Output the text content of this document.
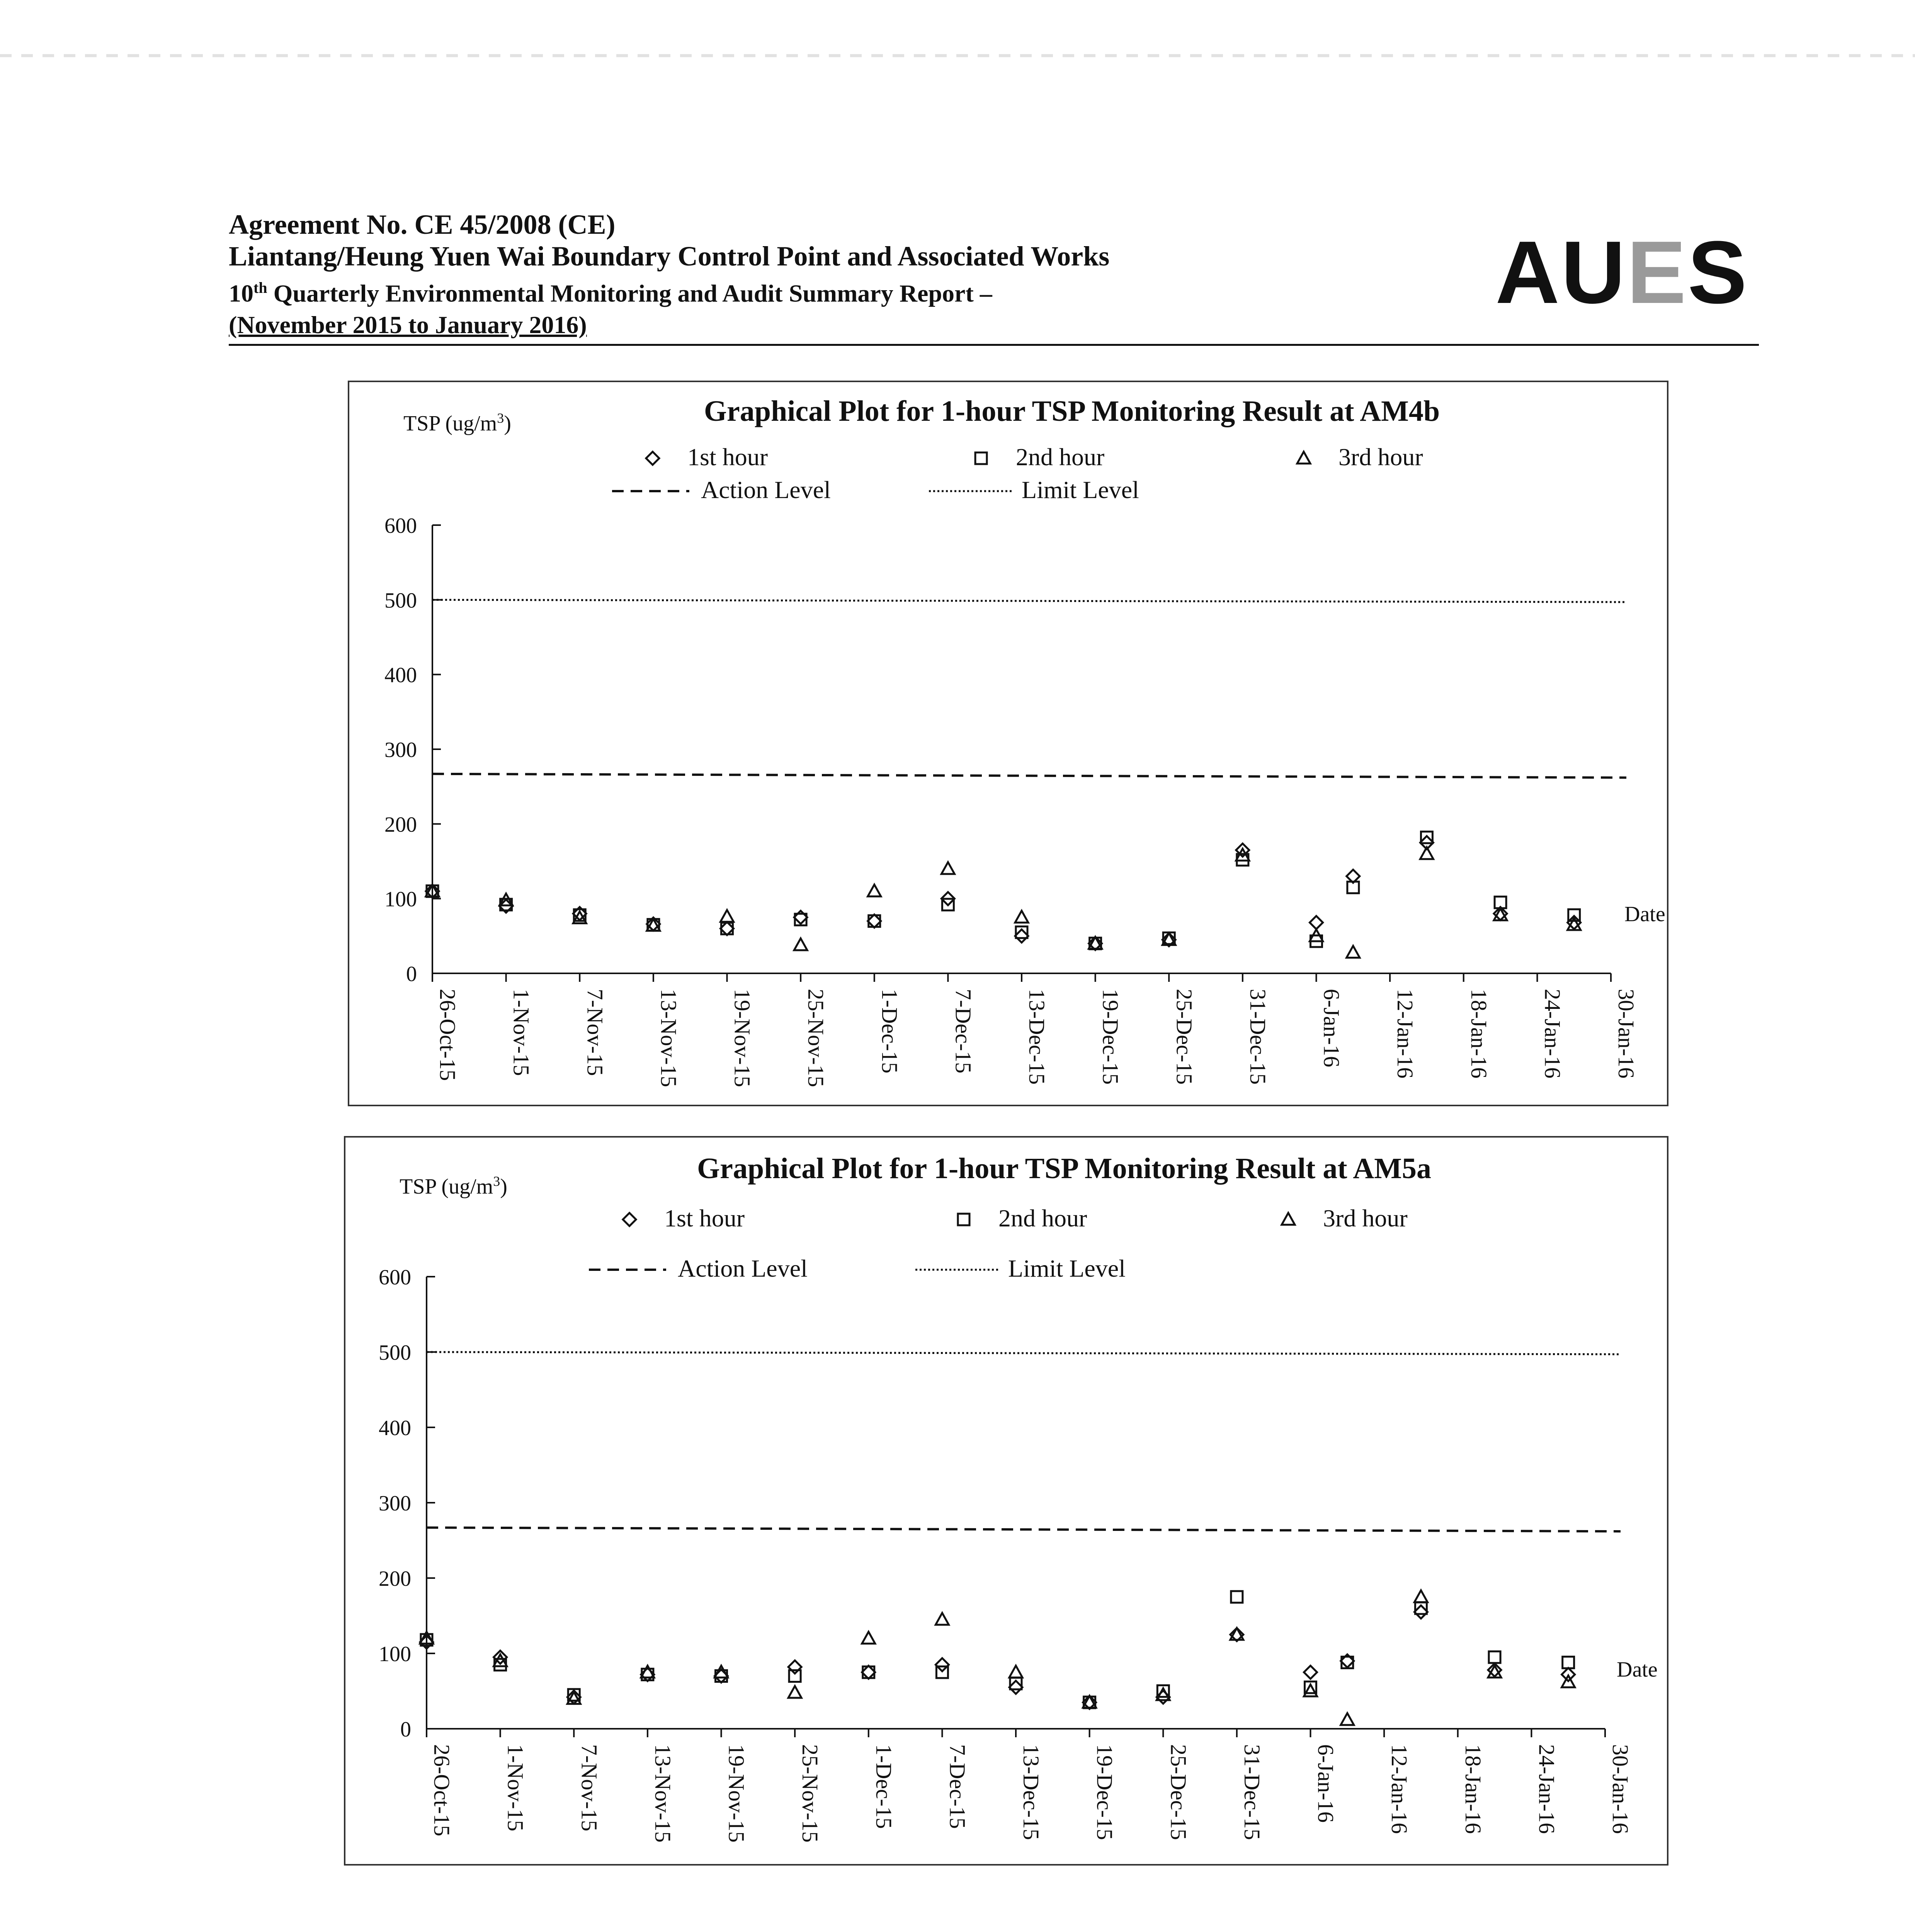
Agreement No. CE 45/2008 (CE)
Liantang/Heung Yuen Wai Boundary Control Point and Associated Works
10th Quarterly Environmental Monitoring and Audit Summary Report –
(November 2015 to January 2016)
AUES
Graphical Plot for 1-hour TSP Monitoring Result at AM4b
TSP $(ug/m^3)$
1st hour	2nd hour	3rd hour
Action Level	Limit Level
0
100
200
300
400
500
600
26-Oct-15 1-Nov-15 7-Nov-15 13-Nov-15 19-Nov-15 25-Nov-15 1-Dec-15 7-Dec-15 13-Dec-15 19-Dec-15 25-Dec-15 31-Dec-15 6-Jan-16 12-Jan-16 18-Jan-16 24-Jan-16 30-Jan-16
Date
Graphical Plot for 1-hour TSP Monitoring Result at AM5a
TSP $(ug/m^3)$
1st hour	2nd hour	3rd hour
Action Level	Limit Level
0
100
200
300
400
500
600
26-Oct-15 1-Nov-15 7-Nov-15 13-Nov-15 19-Nov-15 25-Nov-15 1-Dec-15 7-Dec-15 13-Dec-15 19-Dec-15 25-Dec-15 31-Dec-15 6-Jan-16 12-Jan-16 18-Jan-16 24-Jan-16 30-Jan-16
Date
